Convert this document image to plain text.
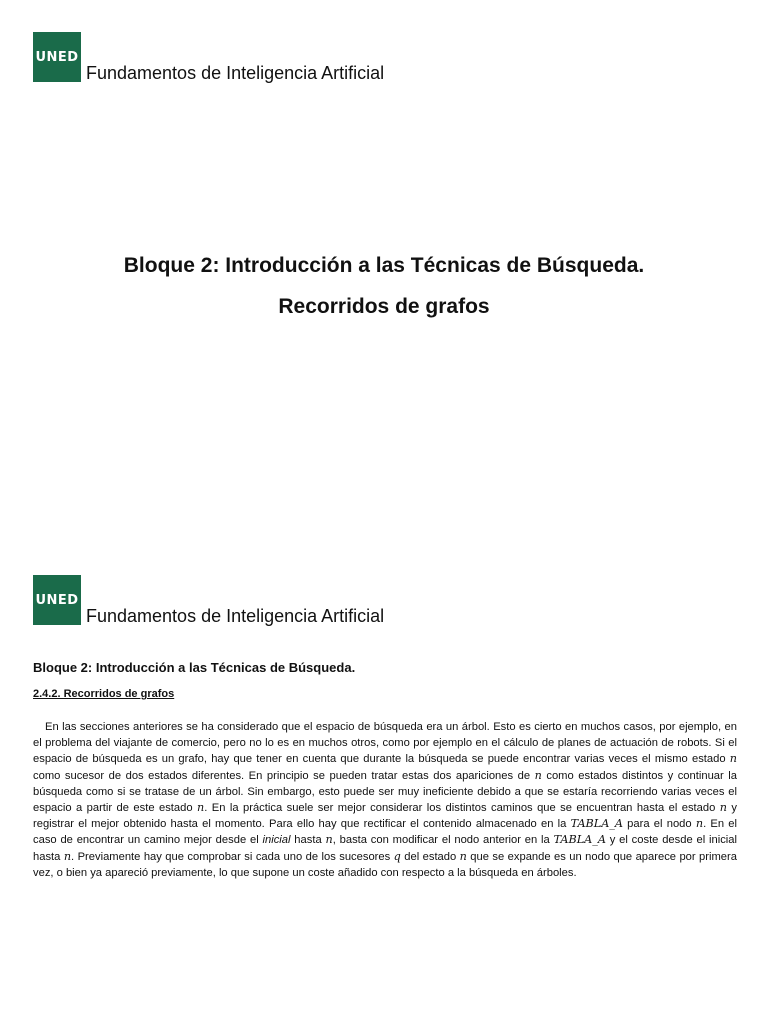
UNED
Fundamentos de Inteligencia Artificial
Bloque 2: Introducción a las Técnicas de Búsqueda.
Recorridos de grafos
UNED
Fundamentos de Inteligencia Artificial
Bloque 2: Introducción a las Técnicas de Búsqueda.
2.4.2. Recorridos de grafos

En las secciones anteriores se ha considerado que el espacio de búsqueda era un árbol. Esto es cierto en muchos casos, por ejemplo, en el problema del viajante de comercio, pero no lo es en muchos otros, como por ejemplo en el cálculo de planes de actuación de robots. Si el espacio de búsqueda es un grafo, hay que tener en cuenta que durante la búsqueda se puede encontrar varias veces el mismo estado n como sucesor de dos estados diferentes. En principio se pueden tratar estas dos apariciones de n como estados distintos y continuar la búsqueda como si se tratase de un árbol. Sin embargo, esto puede ser muy ineficiente debido a que se estaría recorriendo varias veces el espacio a partir de este estado n. En la práctica suele ser mejor considerar los distintos caminos que se encuentran hasta el estado n y registrar el mejor obtenido hasta el momento. Para ello hay que rectificar el contenido almacenado en la TABLA_A para el nodo n. En el caso de encontrar un camino mejor desde el inicial hasta n, basta con modificar el nodo anterior en la TABLA_A y el coste desde el inicial hasta n. Previamente hay que comprobar si cada uno de los sucesores q del estado n que se expande es un nodo que aparece por primera vez, o bien ya apareció previamente, lo que supone un coste añadido con respecto a la búsqueda en árboles.
